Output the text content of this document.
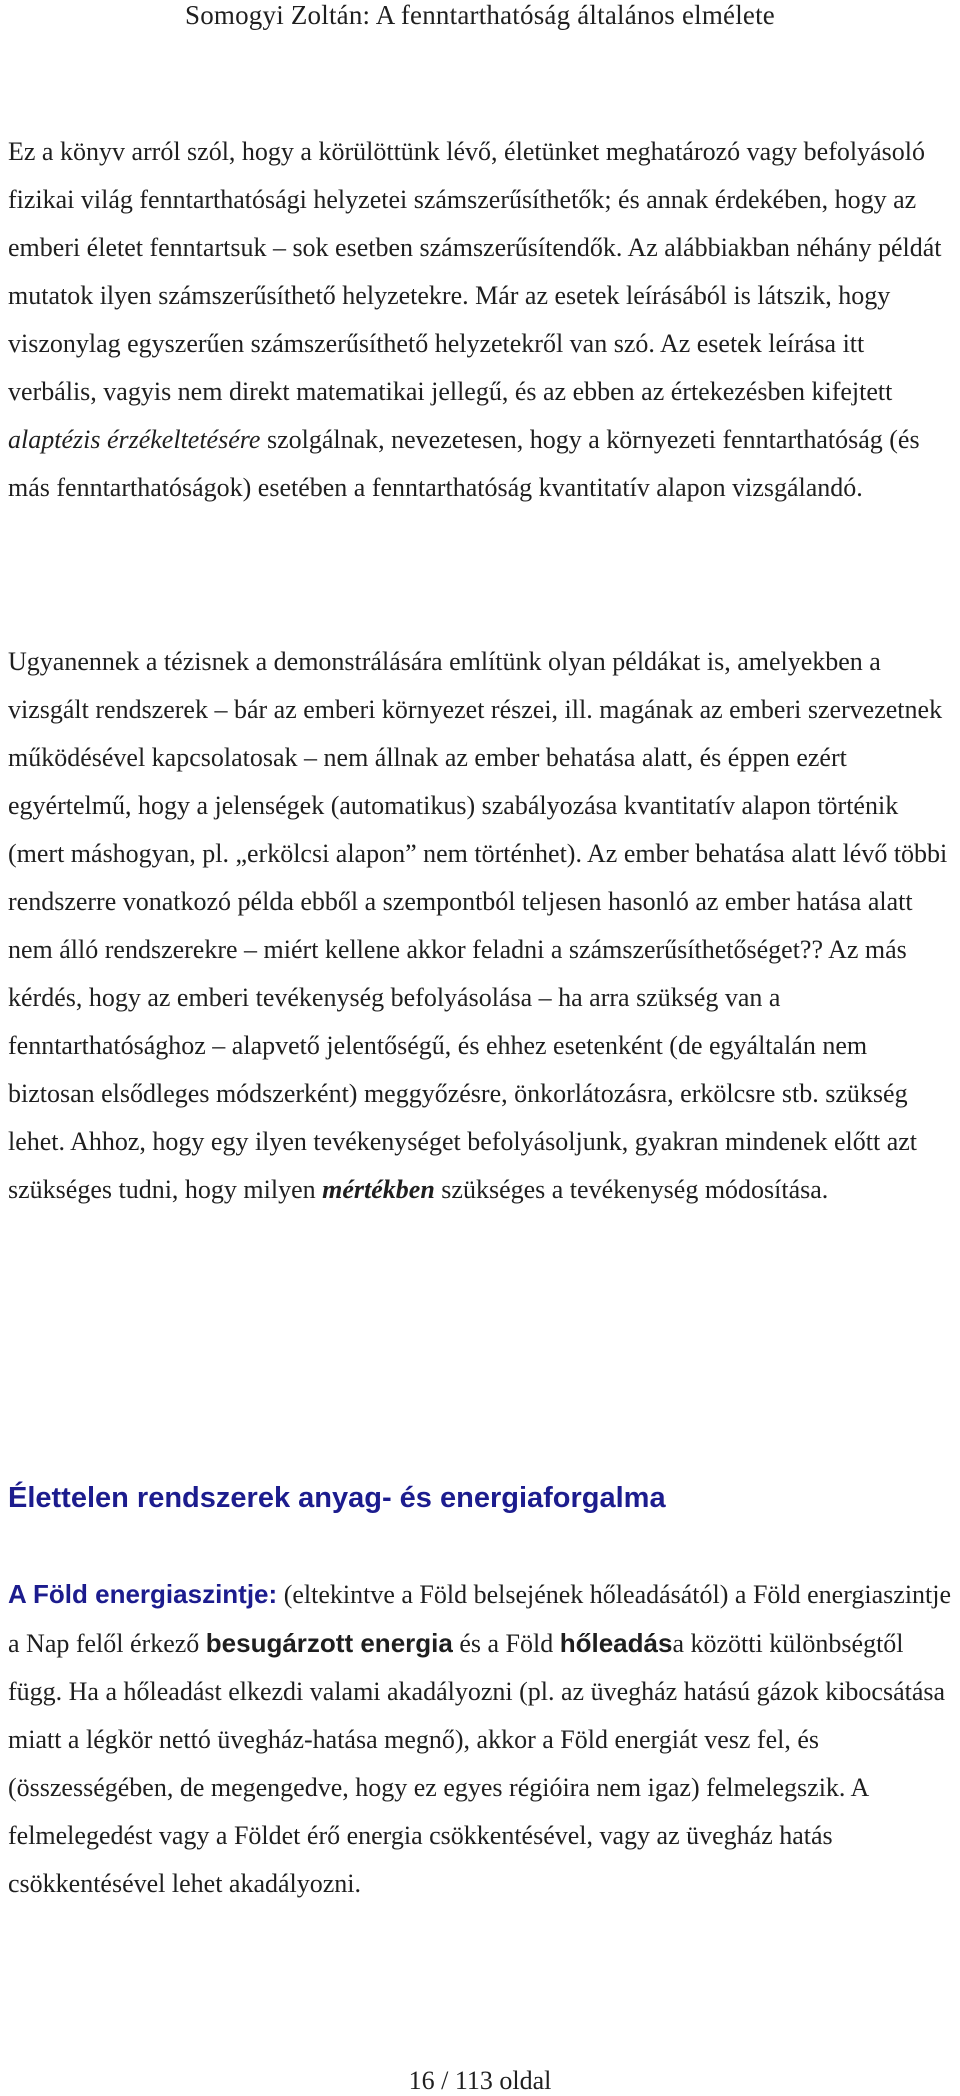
Somogyi Zoltán: A fenntarthatóság általános elmélete

Ez a könyv arról szól, hogy a körülöttünk lévő, életünket meghatározó vagy befolyásoló fizikai világ fenntarthatósági helyzetei számszerűsíthetők; és annak érdekében, hogy az emberi életet fenntartsuk – sok esetben számszerűsítendők. Az alábbiakban néhány példát mutatok ilyen számszerűsíthető helyzetekre. Már az esetek leírásából is látszik, hogy viszonylag egyszerűen számszerűsíthető helyzetekről van szó. Az esetek leírása itt verbális, vagyis nem direkt matematikai jellegű, és az ebben az értekezésben kifejtett alaptézis érzékeltetésére szolgálnak, nevezetesen, hogy a környezeti fenntarthatóság (és más fenntarthatóságok) esetében a fenntarthatóság kvantitatív alapon vizsgálandó.

Ugyanennek a tézisnek a demonstrálására említünk olyan példákat is, amelyekben a vizsgált rendszerek – bár az emberi környezet részei, ill. magának az emberi szervezetnek működésével kapcsolatosak – nem állnak az ember behatása alatt, és éppen ezért egyértelmű, hogy a jelenségek (automatikus) szabályozása kvantitatív alapon történik (mert máshogyan, pl. „erkölcsi alapon” nem történhet). Az ember behatása alatt lévő többi rendszerre vonatkozó példa ebből a szempontból teljesen hasonló az ember hatása alatt nem álló rendszerekre – miért kellene akkor feladni a számszerűsíthetőséget?? Az más kérdés, hogy az emberi tevékenység befolyásolása – ha arra szükség van a fenntarthatósághoz – alapvető jelentőségű, és ehhez esetenként (de egyáltalán nem biztosan elsődleges módszerként) meggyőzésre, önkorlátozásra, erkölcsre stb. szükség lehet. Ahhoz, hogy egy ilyen tevékenységet befolyásoljunk, gyakran mindenek előtt azt szükséges tudni, hogy milyen mértékben szükséges a tevékenység módosítása.

Élettelen rendszerek anyag- és energiaforgalma

A Föld energiaszintje: (eltekintve a Föld belsejének hőleadásától) a Föld energiaszintje a Nap felől érkező besugárzott energia és a Föld hőleadása közötti különbségtől függ. Ha a hőleadást elkezdi valami akadályozni (pl. az üvegház hatású gázok kibocsátása miatt a légkör nettó üvegház-hatása megnő), akkor a Föld energiát vesz fel, és (összességében, de megengedve, hogy ez egyes régióira nem igaz) felmelegszik. A felmelegedést vagy a Földet érő energia csökkentésével, vagy az üvegház hatás csökkentésével lehet akadályozni.

16 / 113 oldal
